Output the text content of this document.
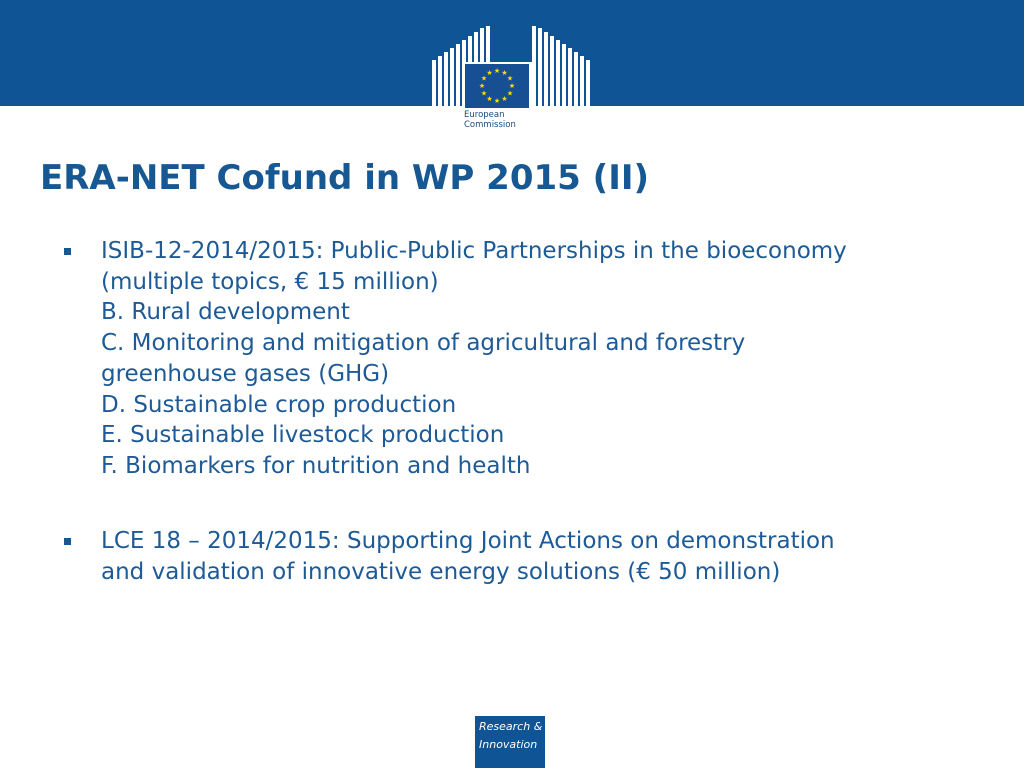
★ ★
★
★
★
★
★
★
★
★
★
★
European
Commission
ERA-NET Cofund in WP 2015 (II)
ISIB-12-2014/2015: Public-Public Partnerships in the bioeconomy
(multiple topics, € 15 million)
B. Rural development
C. Monitoring and mitigation of agricultural and forestry
greenhouse gases (GHG)
D. Sustainable crop production
E. Sustainable livestock production
F. Biomarkers for nutrition and health
LCE 18 – 2014/2015: Supporting Joint Actions on demonstration
and validation of innovative energy solutions (€ 50 million)
Research &
Innovation
